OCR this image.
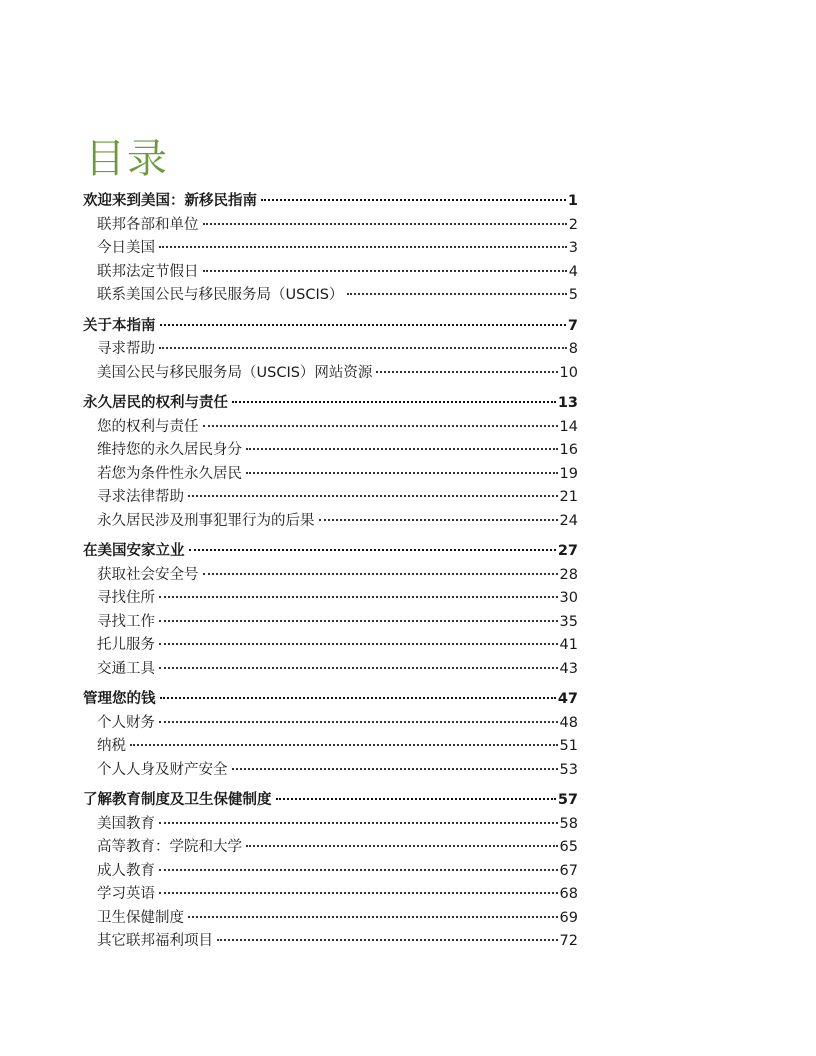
目录
欢迎来到美国：新移民指南	1
联邦各部和单位	2
今日美国	3
联邦法定节假日	4
联系美国公民与移民服务局（USCIS）	5
关于本指南	7
寻求帮助	8
美国公民与移民服务局（USCIS）网站资源	10
永久居民的权利与责任	13
您的权利与责任	14
维持您的永久居民身分	16
若您为条件性永久居民	19
寻求法律帮助	21
永久居民涉及刑事犯罪行为的后果	24
在美国安家立业	27
获取社会安全号	28
寻找住所	30
寻找工作	35
托儿服务	41
交通工具	43
管理您的钱	47
个人财务	48
纳税	51
个人人身及财产安全	53
了解教育制度及卫生保健制度	57
美国教育	58
高等教育：学院和大学	65
成人教育	67
学习英语	68
卫生保健制度	69
其它联邦福利项目	72
